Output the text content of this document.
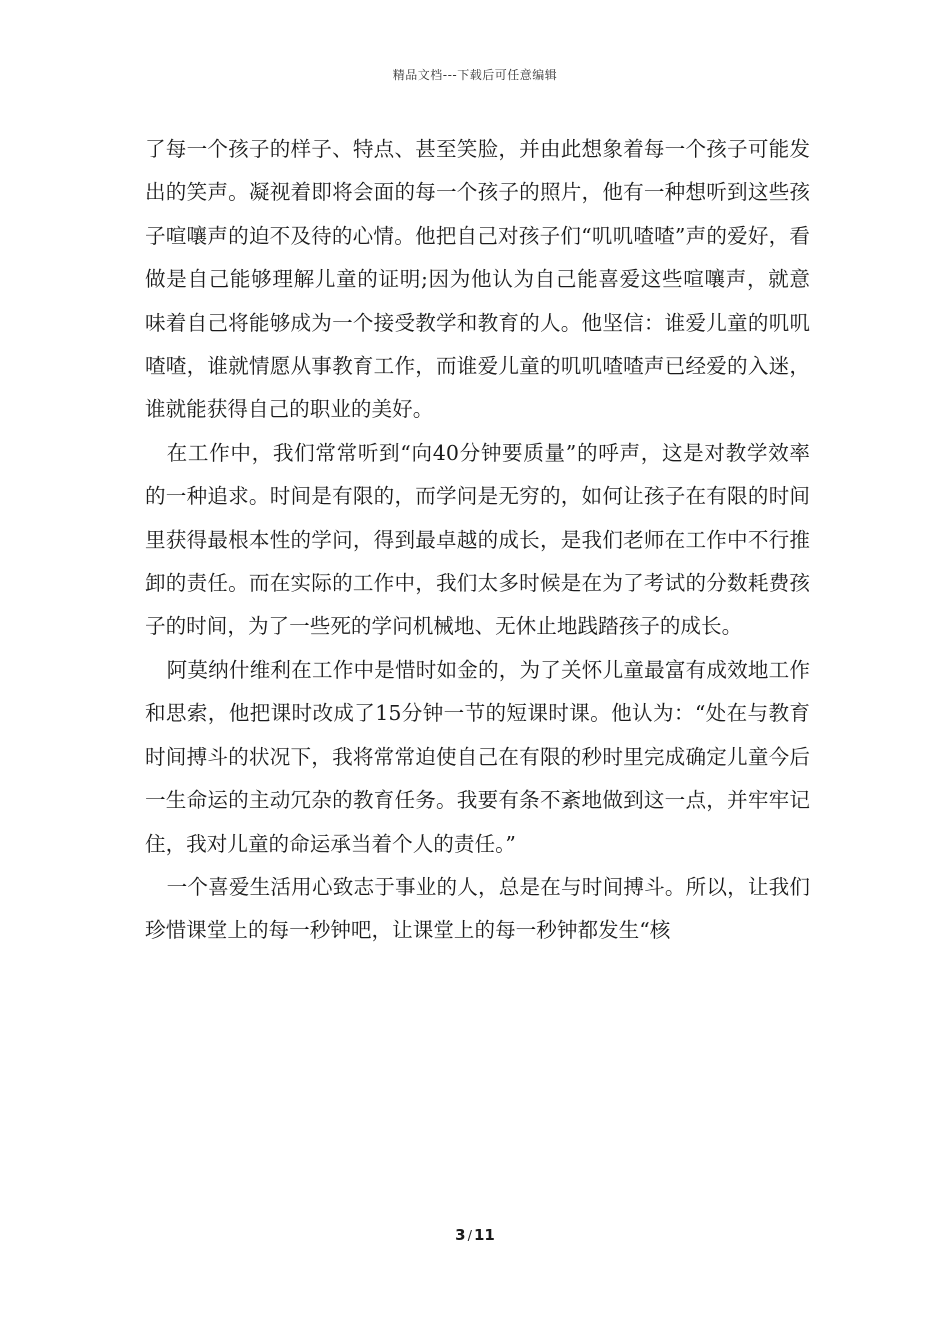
精品文档---下载后可任意编辑

了每一个孩子的样子、特点、甚至笑脸，并由此想象着每一个孩子可能发出的笑声。凝视着即将会面的每一个孩子的照片，他有一种想听到这些孩子喧嚷声的迫不及待的心情。他把自己对孩子们“叽叽喳喳”声的爱好，看做是自己能够理解儿童的证明;因为他认为自己能喜爱这些喧嚷声，就意味着自己将能够成为一个接受教学和教育的人。他坚信：谁爱儿童的叽叽喳喳，谁就情愿从事教育工作，而谁爱儿童的叽叽喳喳声已经爱的入迷，谁就能获得自己的职业的美好。

在工作中，我们常常听到“向40分钟要质量”的呼声，这是对教学效率的一种追求。时间是有限的，而学问是无穷的，如何让孩子在有限的时间里获得最根本性的学问，得到最卓越的成长，是我们老师在工作中不行推卸的责任。而在实际的工作中，我们太多时候是在为了考试的分数耗费孩子的时间，为了一些死的学问机械地、无休止地践踏孩子的成长。

阿莫纳什维利在工作中是惜时如金的，为了关怀儿童最富有成效地工作和思索，他把课时改成了15分钟一节的短课时课。他认为：“处在与教育时间搏斗的状况下，我将常常迫使自己在有限的秒时里完成确定儿童今后一生命运的主动冗杂的教育任务。我要有条不紊地做到这一点，并牢牢记住，我对儿童的命运承当着个人的责任。”

一个喜爱生活用心致志于事业的人，总是在与时间搏斗。所以，让我们珍惜课堂上的每一秒钟吧，让课堂上的每一秒钟都发生“核

3 / 11
